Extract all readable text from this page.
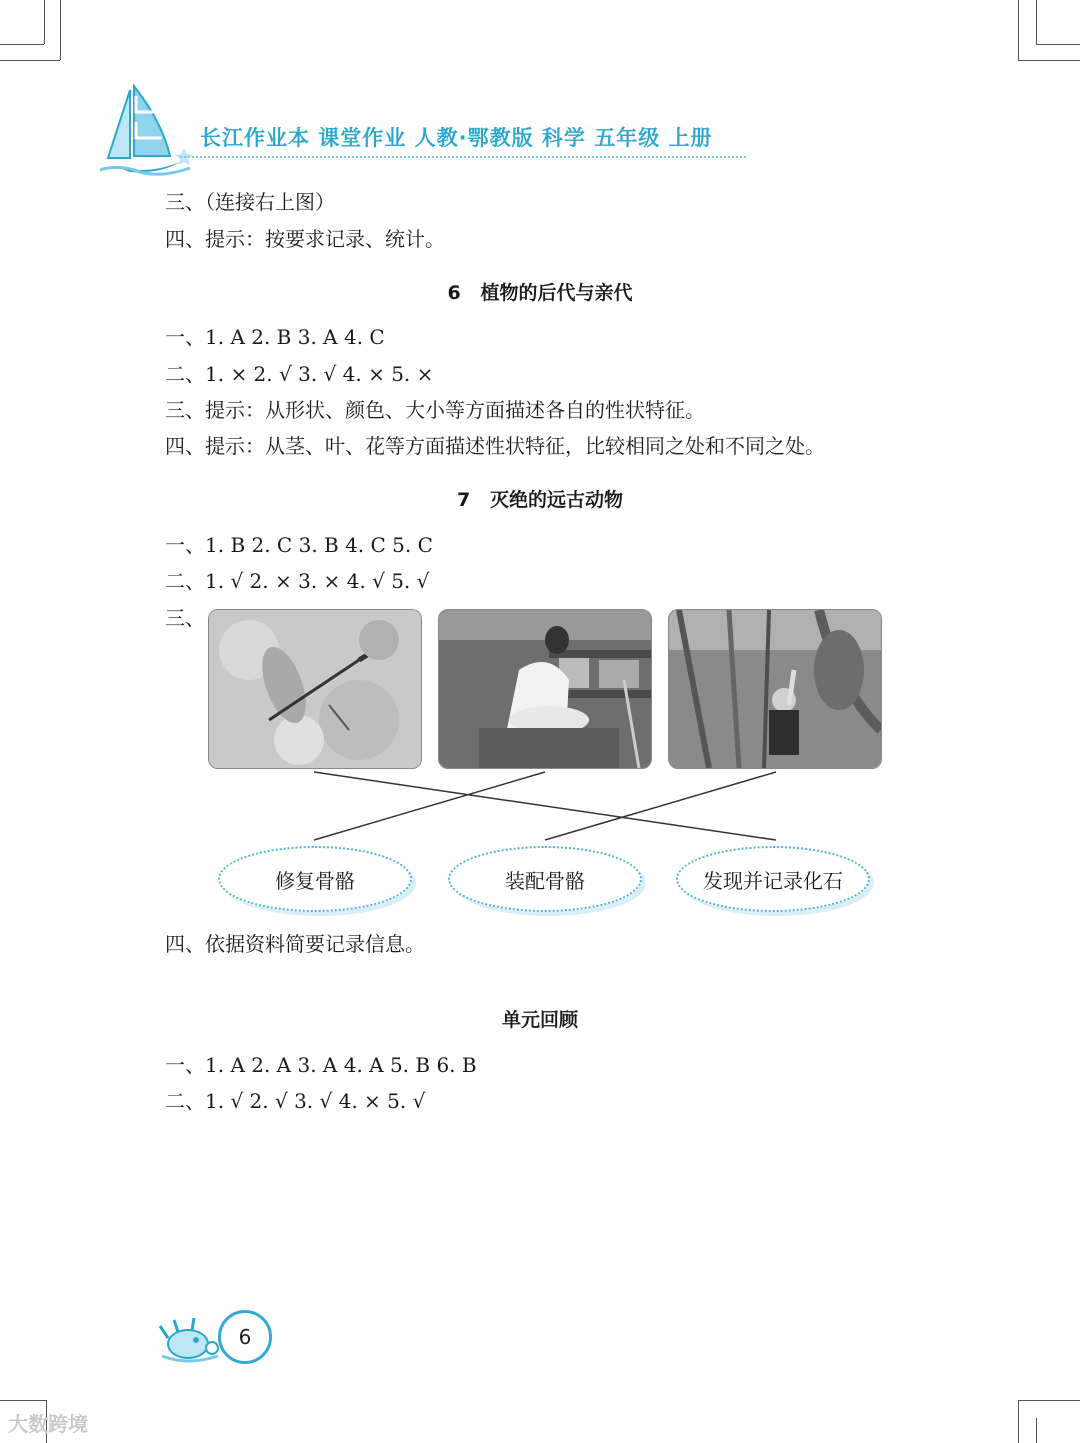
长江作业本 课堂作业 人教·鄂教版 科学 五年级 上册
三、（连接右上图）
四、提示：按要求记录、统计。
6   植物的后代与亲代
一、1. A 2. B 3. A 4. C
二、1. × 2. √ 3. √ 4. × 5. ×
三、提示：从形状、颜色、大小等方面描述各自的性状特征。
四、提示：从茎、叶、花等方面描述性状特征，比较相同之处和不同之处。
7   灭绝的远古动物
一、1. B 2. C 3. B 4. C 5. C
二、1. √ 2. × 3. × 4. √ 5. √
三、
修复骨骼	装配骨骼	发现并记录化石
四、依据资料简要记录信息。
单元回顾
一、1. A 2. A 3. A 4. A 5. B 6. B
二、1. √ 2. √ 3. √ 4. × 5. √
6
大数跨境
